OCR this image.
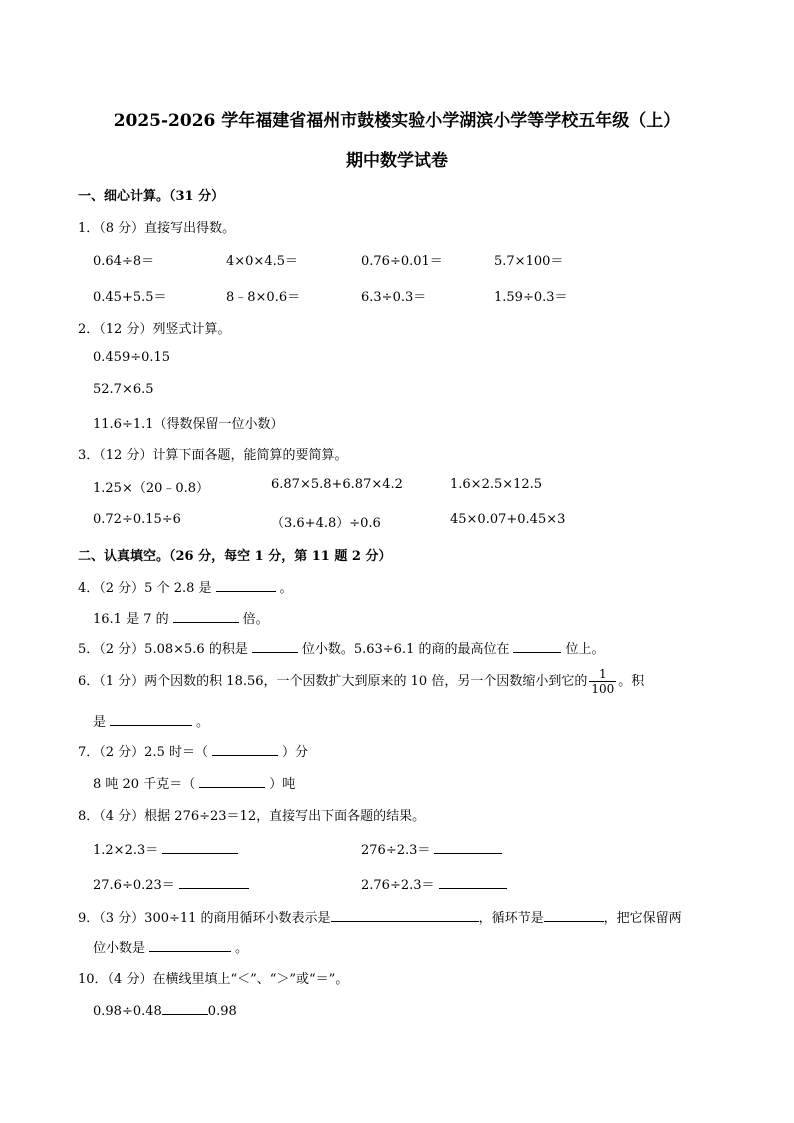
2025-2026 学年福建省福州市鼓楼实验小学湖滨小学等学校五年级（上）
期中数学试卷
一、细心计算。（31 分）
1．（8 分）直接写出得数。
0.64÷8＝	4×0×4.5＝	0.76÷0.01＝	5.7×100＝
0.45+5.5＝	8﹣8×0.6＝	6.3÷0.3＝	1.59÷0.3＝
2．（12 分）列竖式计算。
0.459÷0.15
52.7×6.5
11.6÷1.1（得数保留一位小数）
3．（12 分）计算下面各题，能简算的要简算。
1.25×（20﹣0.8）	6.87×5.8+6.87×4.2	1.6×2.5×12.5
0.72÷0.15÷6	（3.6+4.8）÷0.6	45×0.07+0.45×3
二、认真填空。（26 分，每空 1 分，第 11 题 2 分）
4．（2 分）5 个 2.8 是	。
16.1 是 7 的	倍。
5．（2 分）5.08×5.6 的积是	位小数。5.63÷6.1 的商的最高位在	位上。
6．（1 分）两个因数的积 18.56，一个因数扩大到原来的 10 倍，另一个因数缩小到它的 $\frac{1}{100}$ 。积
是	。
7．（2 分）2.5 时＝（	）分
8 吨 20 千克＝（	）吨
8．（4 分）根据 276÷23＝12，直接写出下面各题的结果。
1.2×2.3＝	276÷2.3＝
27.6÷0.23＝	2.76÷2.3＝
9．（3 分）300÷11 的商用循环小数表示是	，循环节是	，把它保留两
位小数是	。
10．（4 分）在横线里填上“＜”、“＞”或“＝”。
0.98÷0.48	0.98
